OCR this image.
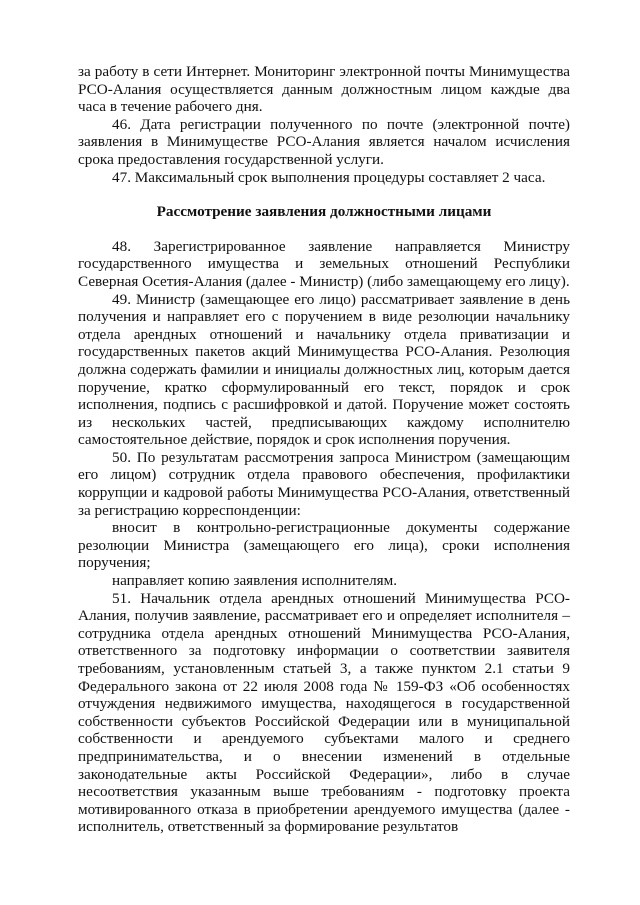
за работу в сети Интернет. Мониторинг электронной почты Минимущества РСО-Алания осуществляется данным должностным лицом каждые два часа в течение рабочего дня.

46. Дата регистрации полученного по почте (электронной почте) заявления в Минимуществе РСО-Алания является началом исчисления срока предоставления государственной услуги.

47. Максимальный срок выполнения процедуры составляет 2 часа.

Рассмотрение заявления должностными лицами

48. Зарегистрированное заявление направляется Министру государственного имущества и земельных отношений Республики Северная Осетия-Алания (далее - Министр) (либо замещающему его лицу).

49. Министр (замещающее его лицо) рассматривает заявление в день получения и направляет его с поручением в виде резолюции начальнику отдела арендных отношений и начальнику отдела приватизации и государственных пакетов акций Минимущества РСО-Алания. Резолюция должна содержать фамилии и инициалы должностных лиц, которым дается поручение, кратко сформулированный его текст, порядок и срок исполнения, подпись с расшифровкой и датой. Поручение может состоять из нескольких частей, предписывающих каждому исполнителю самостоятельное действие, порядок и срок исполнения поручения.

50. По результатам рассмотрения запроса Министром (замещающим его лицом) сотрудник отдела правового обеспечения, профилактики коррупции и кадровой работы Минимущества РСО-Алания, ответственный за регистрацию корреспонденции:

вносит в контрольно-регистрационные документы содержание резолюции Министра (замещающего его лица), сроки исполнения поручения;

направляет копию заявления исполнителям.

51. Начальник отдела арендных отношений Минимущества РСО-Алания, получив заявление, рассматривает его и определяет исполнителя – сотрудника отдела арендных отношений Минимущества РСО-Алания, ответственного за подготовку информации о соответствии заявителя требованиям, установленным статьей 3, а также пунктом 2.1 статьи 9 Федерального закона от 22 июля 2008 года № 159-ФЗ «Об особенностях отчуждения недвижимого имущества, находящегося в государственной собственности субъектов Российской Федерации или в муниципальной собственности и арендуемого субъектами малого и среднего предпринимательства, и о внесении изменений в отдельные законодательные акты Российской Федерации», либо в случае несоответствия указанным выше требованиям - подготовку проекта мотивированного отказа в приобретении арендуемого имущества (далее - исполнитель, ответственный за формирование результатов
